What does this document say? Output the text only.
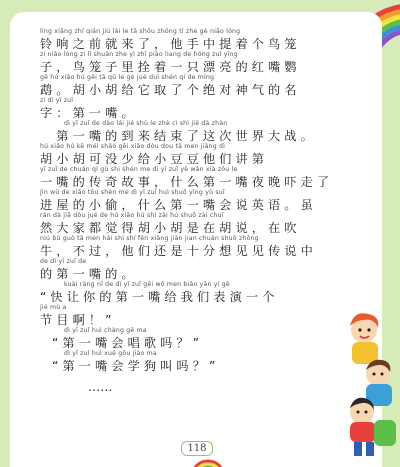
líng xiǎng zhī qián jiù lái le tā shǒu zhōng tí zhe gè niǎo lóng
铃响之前就来了，他手中提着个鸟笼
zi niǎo lóng zi lǐ shuān zhe yì zhī piào liang de hóng zuǐ yīng
子，鸟笼子里拴着一只漂亮的红嘴鹦
gē hú xiǎo hú gěi tā qǔ le gè jué duì shén qí de míng
鹉。胡小胡给它取了个绝对神气的名
zi dì yī zuǐ
字：第一嘴。
dì yī zuǐ de dào lái jié shù le zhè cì shì jiè dà zhàn
　第一嘴的到来结束了这次世界大战。
hú xiǎo hú kě méi shǎo gěi xiǎo dòu dou tā men jiǎng dì
胡小胡可没少给小豆豆他们讲第
yī zuǐ de chuán qí gù shi shén me dì yī zuǐ yè wǎn xià zǒu le
一嘴的传奇故事，什么第一嘴夜晚吓走了
jìn wū de xiǎo tōu shén me dì yī zuǐ huì shuō yīng yǔ suī
进屋的小偷，什么第一嘴会说英语。虽
rán dà jiā dōu jué de hú xiǎo hú shì zài hú shuō zài chuī
然大家都觉得胡小胡是在胡说，在吹
niú bú guò tā men hái shì shí fēn xiǎng jiàn jian chuán shuō zhōng
牛，不过，他们还是十分想见见传说中
de dì yī zuǐ de
的第一嘴的。
kuài ràng nǐ de dì yī zuǐ gěi wǒ men biǎo yǎn yí gè
“快让你的第一嘴给我们表演一个
jié mù a
节目啊！”
dì yī zuǐ huì chàng gē ma
“第一嘴会唱歌吗？”
dì yī zuǐ huì xué gǒu jiào ma
“第一嘴会学狗叫吗？”
……
118
